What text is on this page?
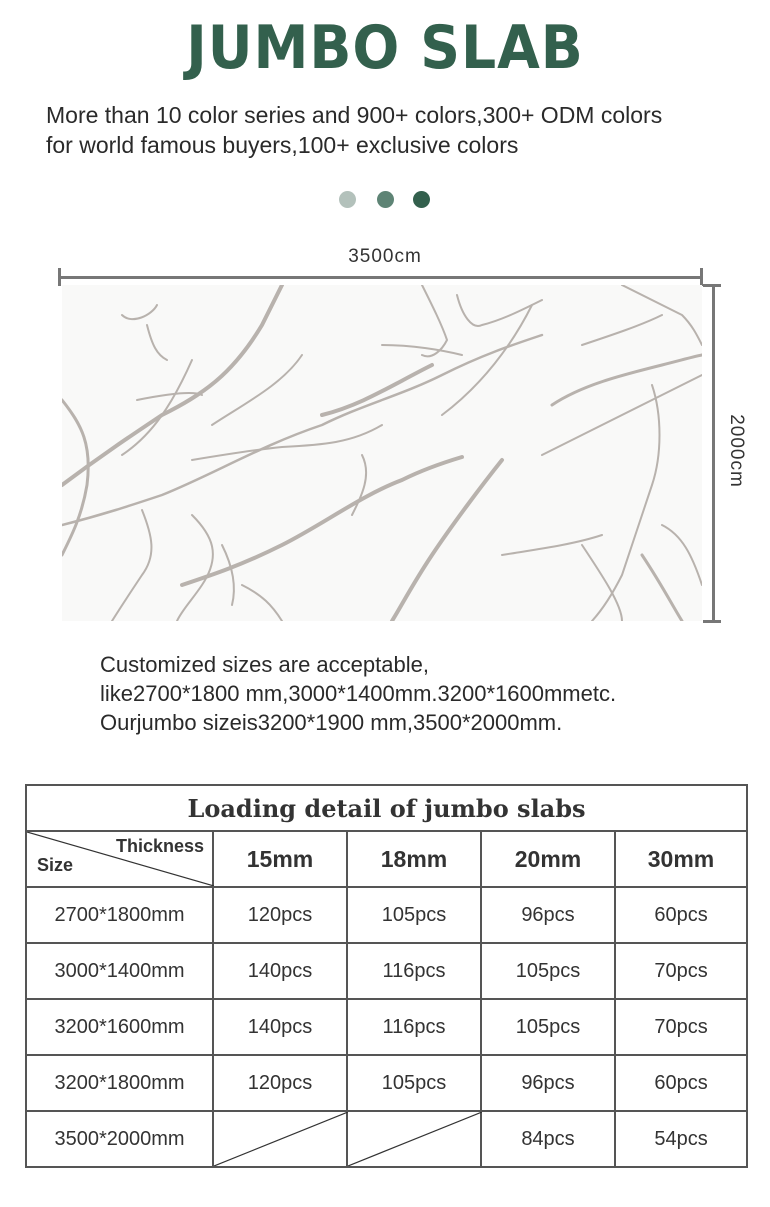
JUMBO SLAB
More than 10 color series and 900+ colors,300+ ODM colors
for world famous buyers,100+ exclusive colors
3500cm
2000cm
Customized sizes are acceptable,
like2700*1800 mm,3000*1400mm.3200*1600mmetc.
Ourjumbo sizeis3200*1900 mm,3500*2000mm.
Loading detail of jumbo slabs				

Thickness
Size	15mm	18mm	20mm	30mm
2700*1800mm	120pcs	105pcs	96pcs	60pcs
3000*1400mm	140pcs	116pcs	105pcs	70pcs
3200*1600mm	140pcs	116pcs	105pcs	70pcs
3200*1800mm	120pcs	105pcs	96pcs	60pcs
3500*2000mm			84pcs	54pcs
